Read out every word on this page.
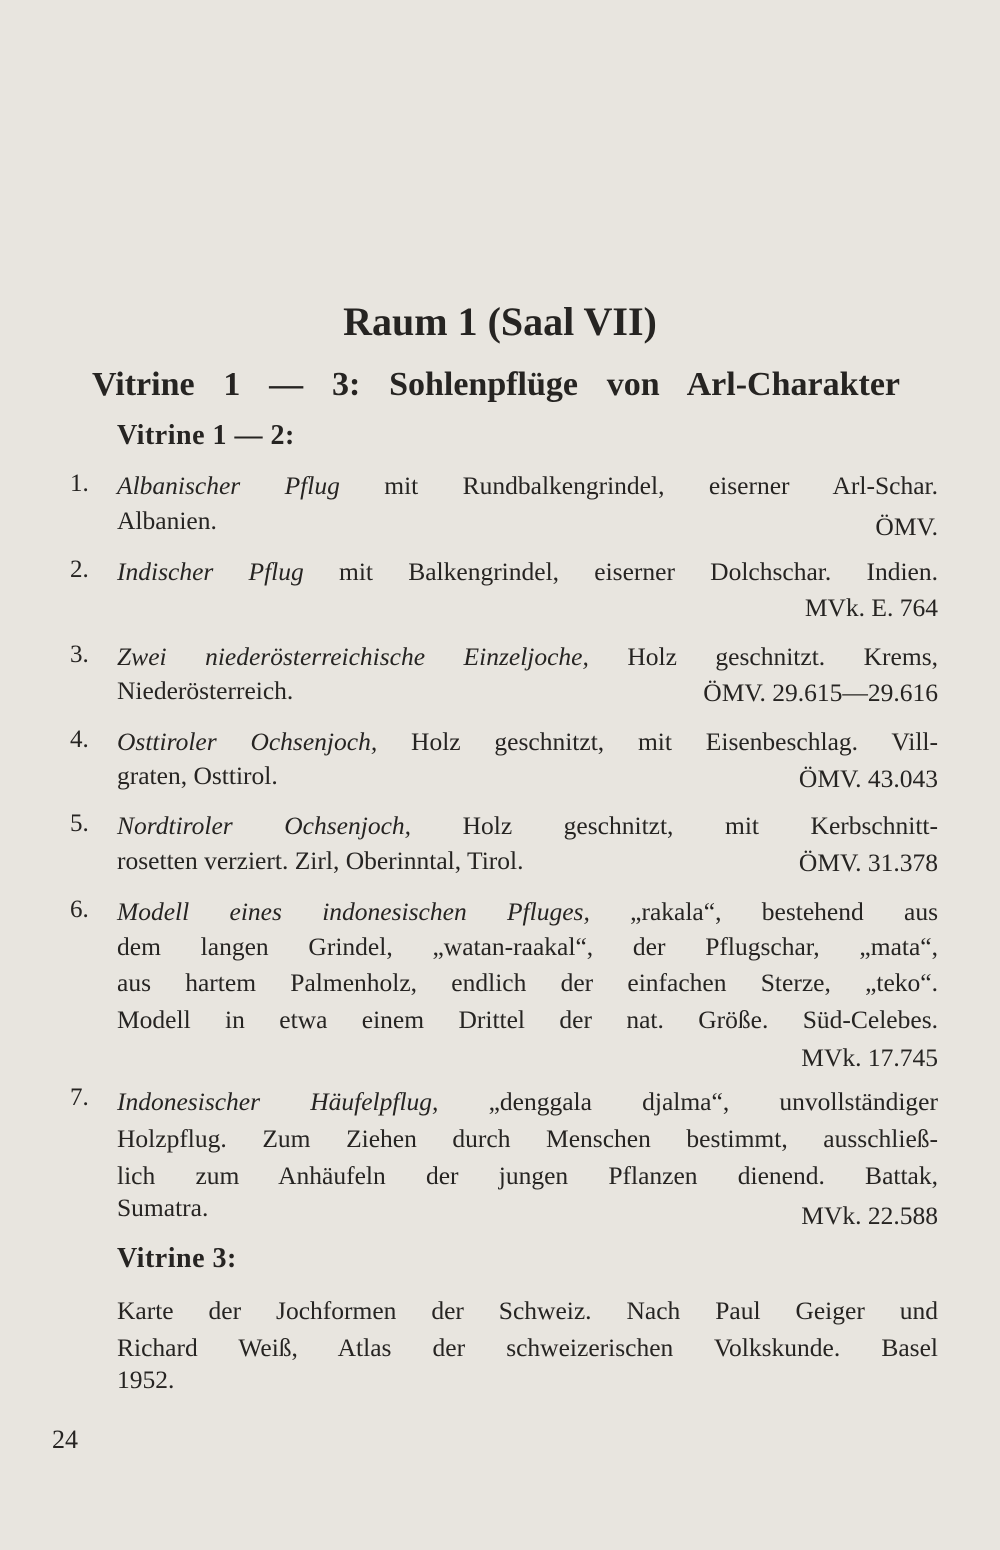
Raum 1 (Saal VII)
Vitrine 1 — 3: Sohlenpflüge von Arl-Charakter
Vitrine 1 — 2:
1. Albanischer Pflug mit Rundbalkengrindel, eiserner Arl-Schar.
Albanien.	ÖMV.
2. Indischer Pflug mit Balkengrindel, eiserner Dolchschar. Indien.
MVk. E. 764
3. Zwei niederösterreichische Einzeljoche, Holz geschnitzt. Krems,
Niederösterreich.	ÖMV. 29.615—29.616
4. Osttiroler Ochsenjoch, Holz geschnitzt, mit Eisenbeschlag. Vill-
graten, Osttirol.	ÖMV. 43.043
5. Nordtiroler Ochsenjoch, Holz geschnitzt, mit Kerbschnitt-
rosetten verziert. Zirl, Oberinntal, Tirol.	ÖMV. 31.378
6. Modell eines indonesischen Pfluges, „rakala“, bestehend aus
dem langen Grindel, „watan-raakal“, der Pflugschar, „mata“,
aus hartem Palmenholz, endlich der einfachen Sterze, „teko“.
Modell in etwa einem Drittel der nat. Größe. Süd-Celebes.
MVk. 17.745
7. Indonesischer Häufelpflug, „denggala djalma“, unvollständiger
Holzpflug. Zum Ziehen durch Menschen bestimmt, ausschließ-
lich zum Anhäufeln der jungen Pflanzen dienend. Battak,
Sumatra.	MVk. 22.588
Vitrine 3:
Karte der Jochformen der Schweiz. Nach Paul Geiger und
Richard Weiß, Atlas der schweizerischen Volkskunde. Basel
1952.
24
